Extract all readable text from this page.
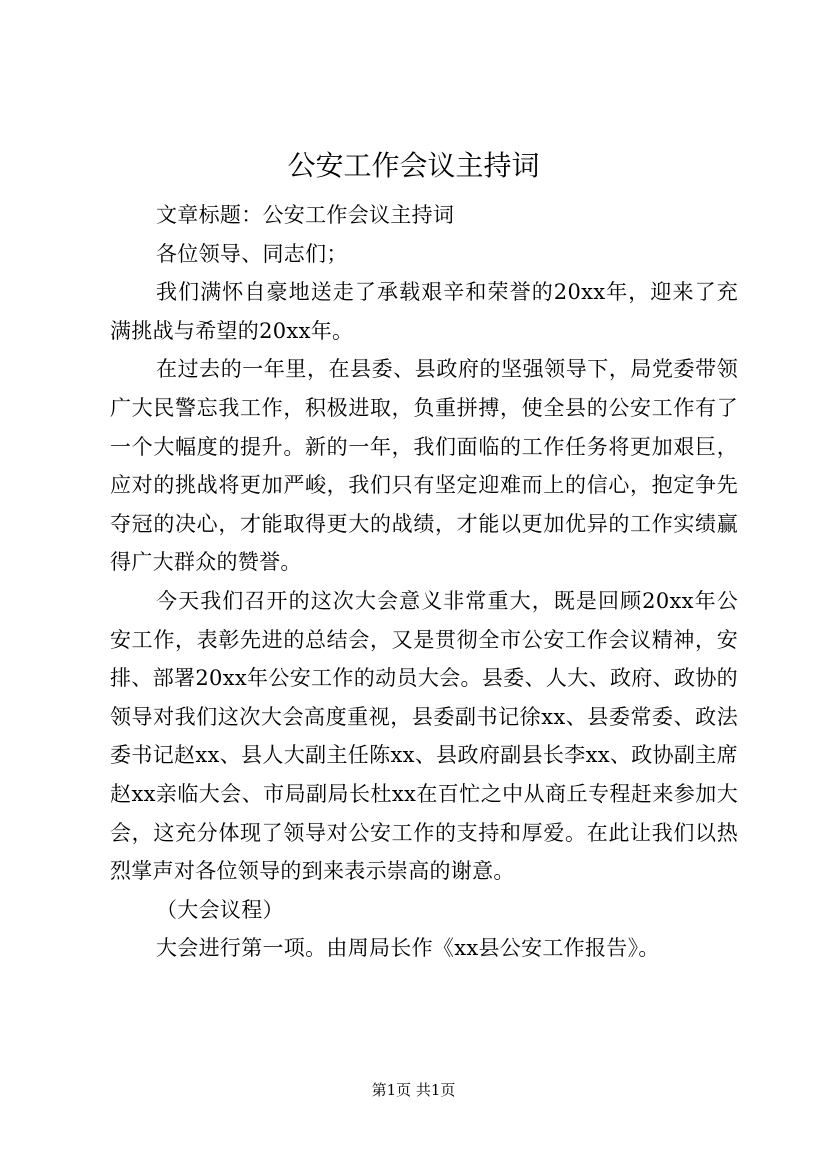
公安工作会议主持词

文章标题：公安工作会议主持词

各位领导、同志们；

我们满怀自豪地送走了承载艰辛和荣誉的20xx年，迎来了充满挑战与希望的20xx年。

在过去的一年里，在县委、县政府的坚强领导下，局党委带领广大民警忘我工作，积极进取，负重拼搏，使全县的公安工作有了一个大幅度的提升。新的一年，我们面临的工作任务将更加艰巨，应对的挑战将更加严峻，我们只有坚定迎难而上的信心，抱定争先夺冠的决心，才能取得更大的战绩，才能以更加优异的工作实绩赢得广大群众的赞誉。

今天我们召开的这次大会意义非常重大，既是回顾20xx年公安工作，表彰先进的总结会，又是贯彻全市公安工作会议精神，安排、部署20xx年公安工作的动员大会。县委、人大、政府、政协的领导对我们这次大会高度重视，县委副书记徐xx、县委常委、政法委书记赵xx、县人大副主任陈xx、县政府副县长李xx、政协副主席赵xx亲临大会、市局副局长杜xx在百忙之中从商丘专程赶来参加大会，这充分体现了领导对公安工作的支持和厚爱。在此让我们以热烈掌声对各位领导的到来表示崇高的谢意。

（大会议程）

大会进行第一项。由周局长作《xx县公安工作报告》。

第1页 共1页
